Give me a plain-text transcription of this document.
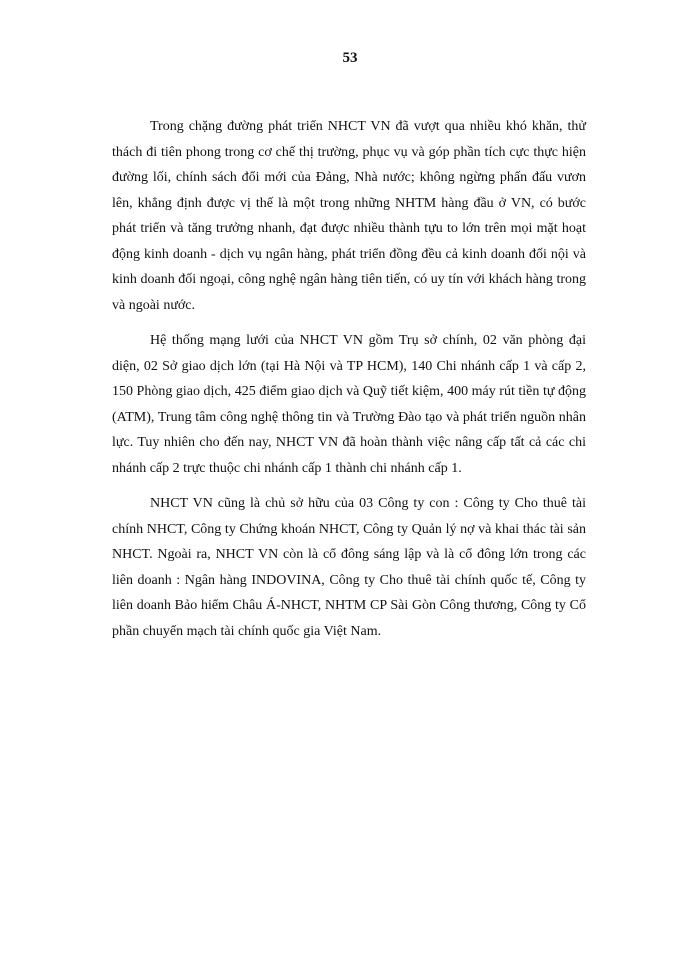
53

Trong chặng đường phát triển NHCT VN đã vượt qua nhiều khó khăn, thử thách đi tiên phong trong cơ chế thị trường, phục vụ và góp phần tích cực thực hiện đường lối, chính sách đổi mới của Đảng, Nhà nước; không ngừng phấn đấu vươn lên, khẳng định được vị thế là một trong những NHTM hàng đầu ở VN, có bước phát triển và tăng trưởng nhanh, đạt được nhiều thành tựu to lớn trên mọi mặt hoạt động kinh doanh - dịch vụ ngân hàng, phát triển đồng đều cả kinh doanh đối nội và kinh doanh đối ngoại, công nghệ ngân hàng tiên tiến, có uy tín với khách hàng trong và ngoài nước.

Hệ thống mạng lưới của NHCT VN gồm Trụ sở chính, 02 văn phòng đại diện, 02 Sở giao dịch lớn (tại Hà Nội và TP HCM), 140 Chi nhánh cấp 1 và cấp 2, 150 Phòng giao dịch, 425 điểm giao dịch và Quỹ tiết kiệm, 400 máy rút tiền tự động (ATM), Trung tâm công nghệ thông tin và Trường Đào tạo và phát triển nguồn nhân lực. Tuy nhiên cho đến nay, NHCT VN đã hoàn thành việc nâng cấp tất cả các chi nhánh cấp 2 trực thuộc chi nhánh cấp 1 thành chi nhánh cấp 1.

NHCT VN cũng là chủ sở hữu của 03 Công ty con : Công ty Cho thuê tài chính NHCT, Công ty Chứng khoán NHCT, Công ty Quản lý nợ và khai thác tài sản NHCT. Ngoài ra, NHCT VN còn là cổ đông sáng lập và là cổ đông lớn trong các liên doanh : Ngân hàng INDOVINA, Công ty Cho thuê tài chính quốc tế, Công ty liên doanh Bảo hiểm Châu Á-NHCT, NHTM CP Sài Gòn Công thương, Công ty Cổ phần chuyển mạch tài chính quốc gia Việt Nam.
